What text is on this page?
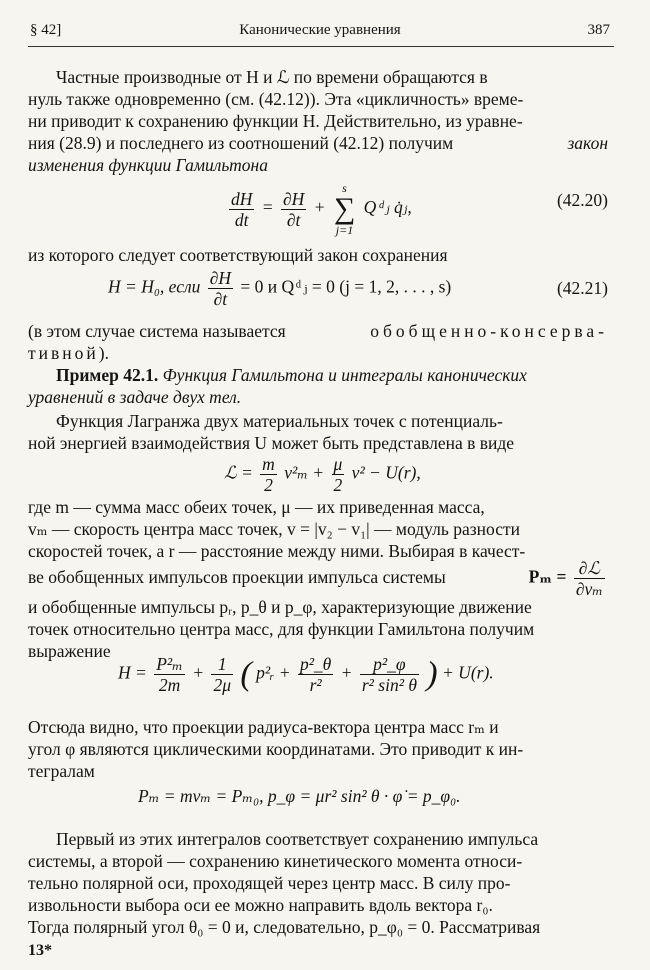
§ 42]	Канонические уравнения	387
Частные производные от H и ℒ по времени обращаются в
нуль также одновременно (см. (42.12)). Эта «цикличность» време-
ни приводит к сохранению функции H. Действительно, из уравне-
ния (28.9) и последнего из соотношений (42.12) получим	закон
изменения функции Гамильтона
$\frac{dH}{dt} = \frac{\partial H}{\partial t}$ +
s
∑
j=1
Q ͩ ⱼ q̇ⱼ,	(42.20)
из которого следует соответствующий закон сохранения
H = H₀, если $\frac{\partial H}{\partial t} = 0$ и Q ͩ ⱼ = 0 (j = 1, 2, . . . , s)	(42.21)
(в этом случае система называется	обобщенно-консерва-
тивной).
Пример 42.1. Функция Гамильтона и интегралы канонических
уравнений в задаче двух тел.
Функция Лагранжа двух материальных точек с потенциаль-
ной энергией взаимодействия U может быть представлена в виде
ℒ = $\frac{m}{2} v^2_m + \frac{\mu}{2} v^2 - U(r)$,
где m — сумма масс обеих точек, μ — их приведенная масса,
vₘ — скорость центра масс точек, v = |v₂ − v₁| — модуль разности
скоростей точек, а r — расстояние между ними. Выбирая в качест-
ве обобщенных импульсов проекции импульса системы	$P_m = \frac{\text{∂ℒ}}{\text{∂vₘ}}$
и обобщенные импульсы pᵣ, p_θ и p_φ, характеризующие движение
точек относительно центра масс, для функции Гамильтона получим
выражение
$H = \frac{\text{P²ₘ}}{2m} + \frac{1}{2\mu}$ ( p²ᵣ + $\frac{\text{p²\_θ}}{\text{r²}} + \frac{\text{p²\_φ}}{\text{r² sin² θ}}$ ) + U(r).
Отсюда видно, что проекции радиуса-вектора центра масс rₘ и
угол φ являются циклическими координатами. Это приводит к ин-
тегралам
Pₘ = mvₘ = Pₘ₀, p_φ = μr² sin² θ · φ̇ = p_φ₀.
Первый из этих интегралов соответствует сохранению импульса
системы, а второй — сохранению кинетического момента относи-
тельно полярной оси, проходящей через центр масс. В силу про-
извольности выбора оси ее можно направить вдоль вектора r₀.
Тогда полярный угол θ₀ = 0 и, следовательно, p_φ₀ = 0. Рассматривая
13*
